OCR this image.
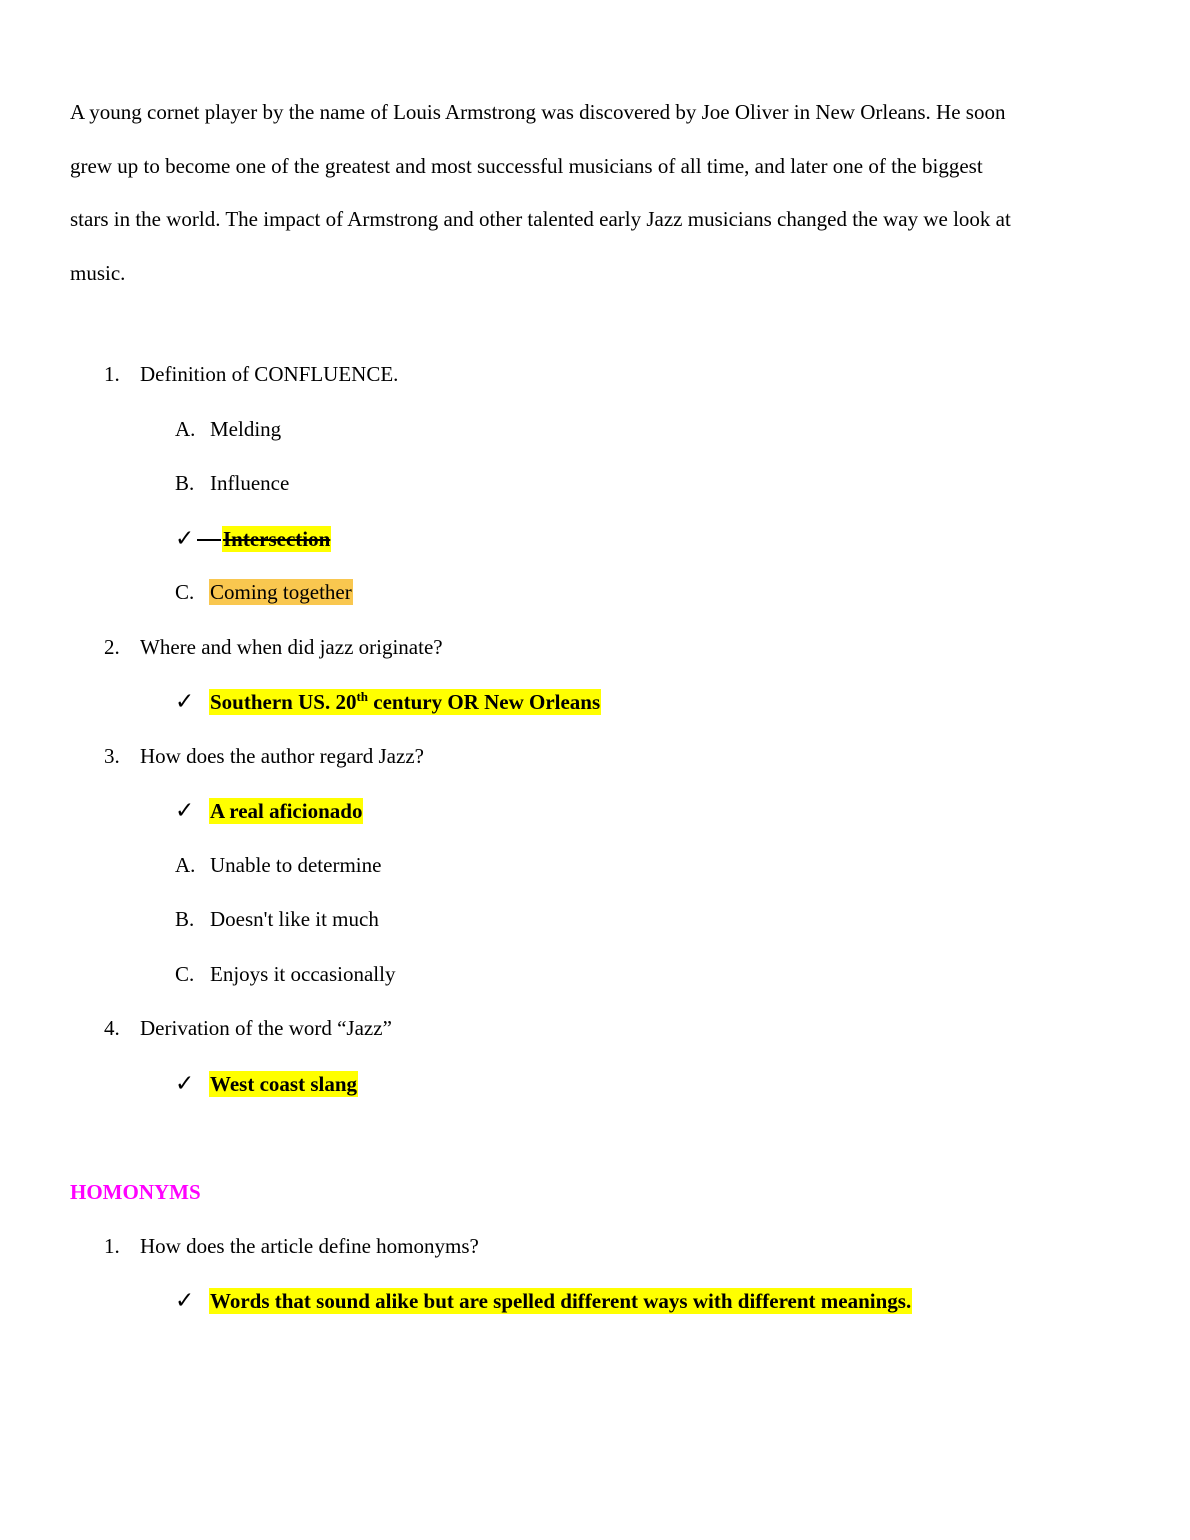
A young cornet player by the name of Louis Armstrong was discovered by Joe Oliver in New Orleans. He soon
grew up to become one of the greatest and most successful musicians of all time, and later one of the biggest
stars in the world. The impact of Armstrong and other talented early Jazz musicians changed the way we look at
music.

1. Definition of CONFLUENCE.
A. Melding
B. Influence
✓ Intersection
C. Coming together
2. Where and when did jazz originate?
✓ Southern US. 20th century OR New Orleans
3. How does the author regard Jazz?
✓ A real aficionado
A. Unable to determine
B. Doesn't like it much
C. Enjoys it occasionally
4. Derivation of the word “Jazz”
✓ West coast slang
HOMONYMS
1. How does the article define homonyms?
✓ Words that sound alike but are spelled different ways with different meanings.
